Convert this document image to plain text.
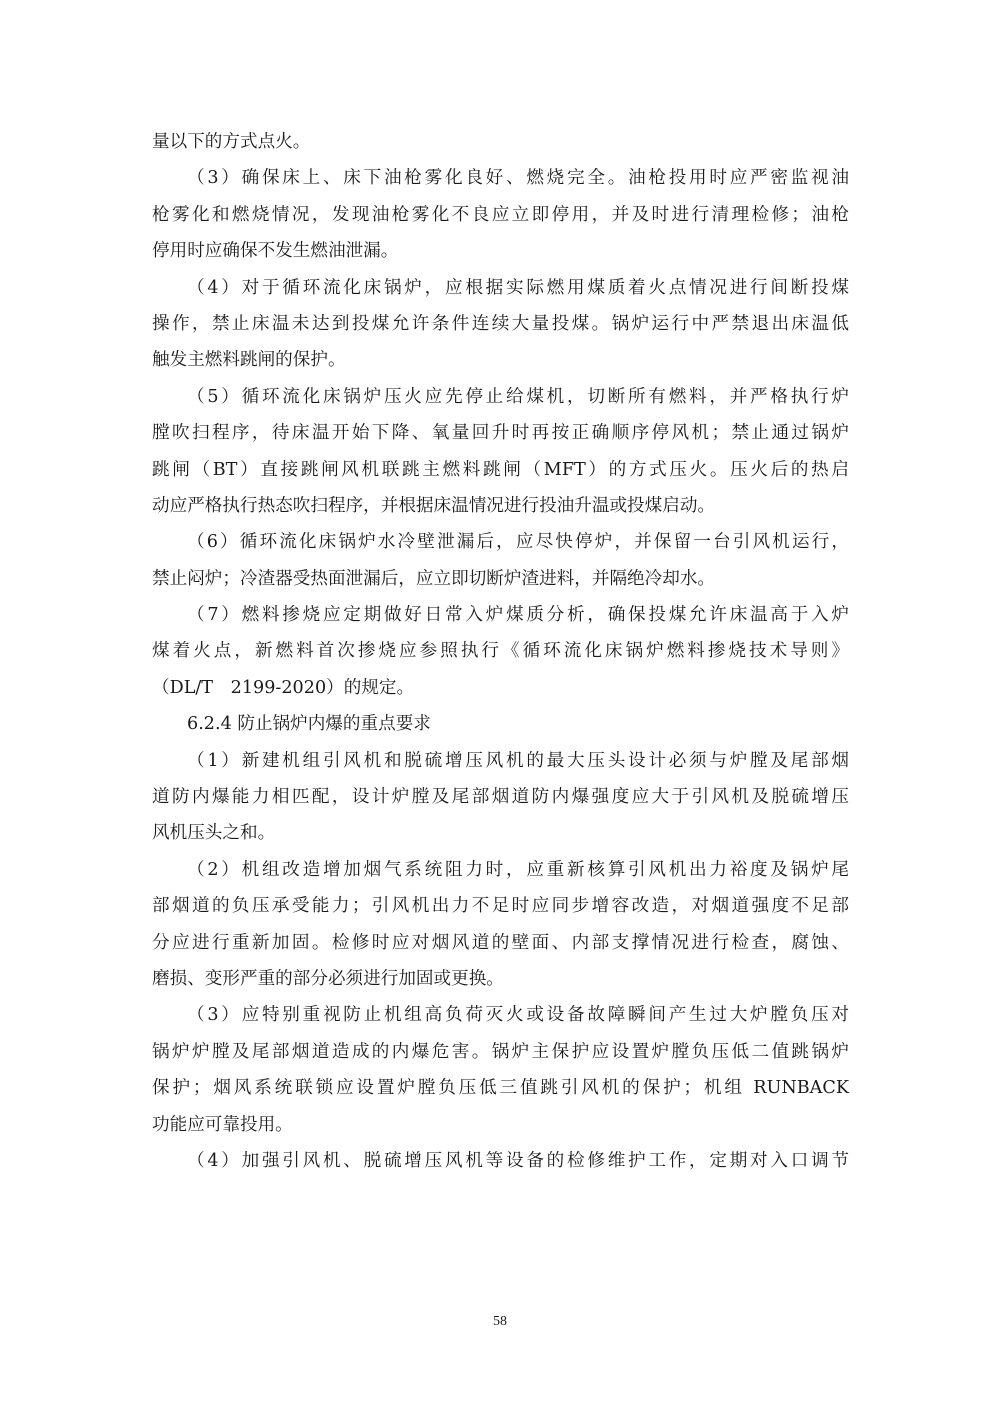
量以下的方式点火。
（3）确保床上、床下油枪雾化良好、燃烧完全。油枪投用时应严密监视油
枪雾化和燃烧情况，发现油枪雾化不良应立即停用，并及时进行清理检修；油枪
停用时应确保不发生燃油泄漏。
（4）对于循环流化床锅炉，应根据实际燃用煤质着火点情况进行间断投煤
操作，禁止床温未达到投煤允许条件连续大量投煤。锅炉运行中严禁退出床温低
触发主燃料跳闸的保护。
（5）循环流化床锅炉压火应先停止给煤机，切断所有燃料，并严格执行炉
膛吹扫程序，待床温开始下降、氧量回升时再按正确顺序停风机；禁止通过锅炉
跳闸（BT）直接跳闸风机联跳主燃料跳闸（MFT）的方式压火。压火后的热启
动应严格执行热态吹扫程序，并根据床温情况进行投油升温或投煤启动。
（6）循环流化床锅炉水冷壁泄漏后，应尽快停炉，并保留一台引风机运行，
禁止闷炉；冷渣器受热面泄漏后，应立即切断炉渣进料，并隔绝冷却水。
（7）燃料掺烧应定期做好日常入炉煤质分析，确保投煤允许床温高于入炉
煤着火点，新燃料首次掺烧应参照执行《循环流化床锅炉燃料掺烧技术导则》
（DL/T　2199-2020）的规定。
6.2.4 防止锅炉内爆的重点要求
（1）新建机组引风机和脱硫增压风机的最大压头设计必须与炉膛及尾部烟
道防内爆能力相匹配，设计炉膛及尾部烟道防内爆强度应大于引风机及脱硫增压
风机压头之和。
（2）机组改造增加烟气系统阻力时，应重新核算引风机出力裕度及锅炉尾
部烟道的负压承受能力；引风机出力不足时应同步增容改造，对烟道强度不足部
分应进行重新加固。检修时应对烟风道的壁面、内部支撑情况进行检查，腐蚀、
磨损、变形严重的部分必须进行加固或更换。
（3）应特别重视防止机组高负荷灭火或设备故障瞬间产生过大炉膛负压对
锅炉炉膛及尾部烟道造成的内爆危害。锅炉主保护应设置炉膛负压低二值跳锅炉
保护；烟风系统联锁应设置炉膛负压低三值跳引风机的保护；机组 RUNBACK
功能应可靠投用。
（4）加强引风机、脱硫增压风机等设备的检修维护工作，定期对入口调节
58
